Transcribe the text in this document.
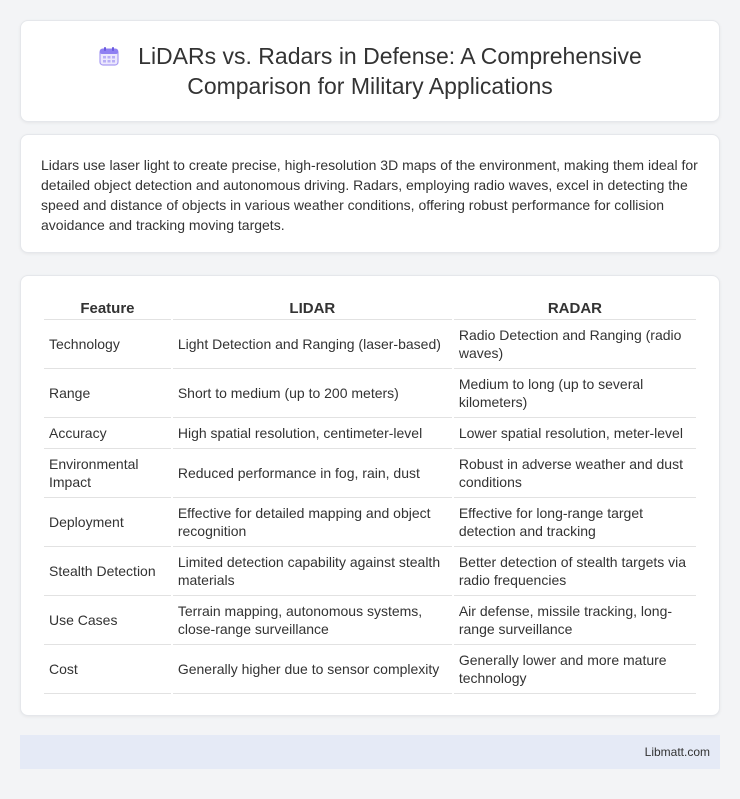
LiDARs vs. Radars in Defense: A Comprehensive Comparison for Military Applications

Lidars use laser light to create precise, high-resolution 3D maps of the environment, making them ideal for detailed object detection and autonomous driving. Radars, employing radio waves, excel in detecting the speed and distance of objects in various weather conditions, offering robust performance for collision avoidance and tracking moving targets.

Feature	LIDAR	RADAR
Technology	Light Detection and Ranging (laser-based)	Radio Detection and Ranging (radio waves)
Range	Short to medium (up to 200 meters)	Medium to long (up to several kilometers)
Accuracy	High spatial resolution, centimeter-level	Lower spatial resolution, meter-level
Environmental Impact	Reduced performance in fog, rain, dust	Robust in adverse weather and dust conditions
Deployment	Effective for detailed mapping and object recognition	Effective for long-range target detection and tracking
Stealth Detection	Limited detection capability against stealth materials	Better detection of stealth targets via radio frequencies
Use Cases	Terrain mapping, autonomous systems, close-range surveillance	Air defense, missile tracking, long-range surveillance
Cost	Generally higher due to sensor complexity	Generally lower and more mature technology
Libmatt.com
